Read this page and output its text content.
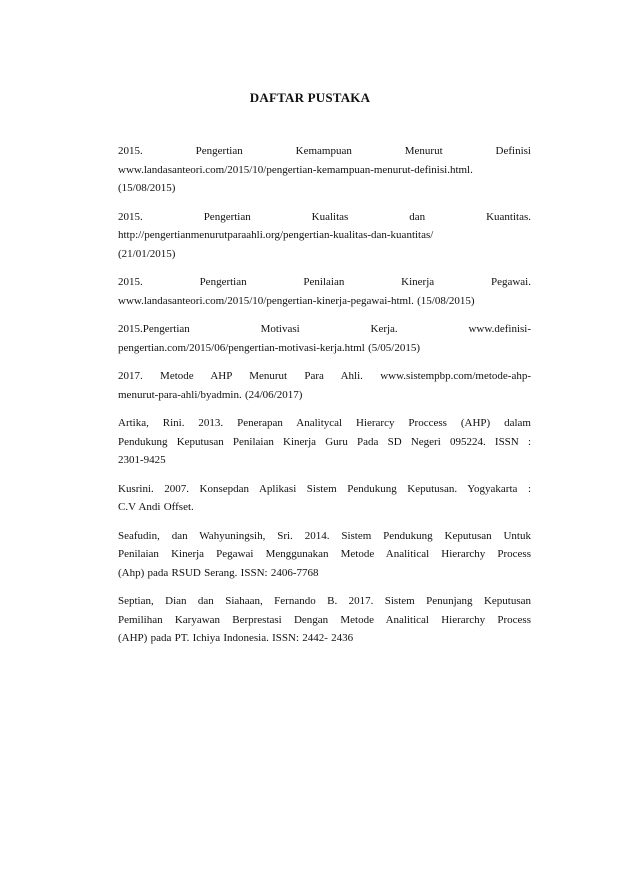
DAFTAR PUSTAKA

2015. Pengertian Kemampuan Menurut Definisi
www.landasanteori.com/2015/10/pengertian-kemampuan-menurut-definisi.html.
(15/08/2015)

2015. Pengertian Kualitas dan Kuantitas.
http://pengertianmenurutparaahli.org/pengertian-kualitas-dan-kuantitas/
(21/01/2015)

2015. Pengertian Penilaian Kinerja Pegawai.
www.landasanteori.com/2015/10/pengertian-kinerja-pegawai-html. (15/08/2015)

2015.Pengertian Motivasi Kerja. www.definisi-
pengertian.com/2015/06/pengertian-motivasi-kerja.html (5/05/2015)

2017. Metode AHP Menurut Para Ahli. www.sistempbp.com/metode-ahp-
menurut-para-ahli/byadmin. (24/06/2017)

Artika, Rini. 2013. Penerapan Analitycal Hierarcy Proccess (AHP) dalam
Pendukung Keputusan Penilaian Kinerja Guru Pada SD Negeri 095224. ISSN :
2301-9425

Kusrini. 2007. Konsepdan Aplikasi Sistem Pendukung Keputusan. Yogyakarta :
C.V Andi Offset.

Seafudin, dan Wahyuningsih, Sri. 2014. Sistem Pendukung Keputusan Untuk
Penilaian Kinerja Pegawai Menggunakan Metode Analitical Hierarchy Process
(Ahp) pada RSUD Serang. ISSN: 2406-7768

Septian, Dian dan Siahaan, Fernando B. 2017. Sistem Penunjang Keputusan
Pemilihan Karyawan Berprestasi Dengan Metode Analitical Hierarchy Process
(AHP) pada PT. Ichiya Indonesia. ISSN: 2442- 2436
